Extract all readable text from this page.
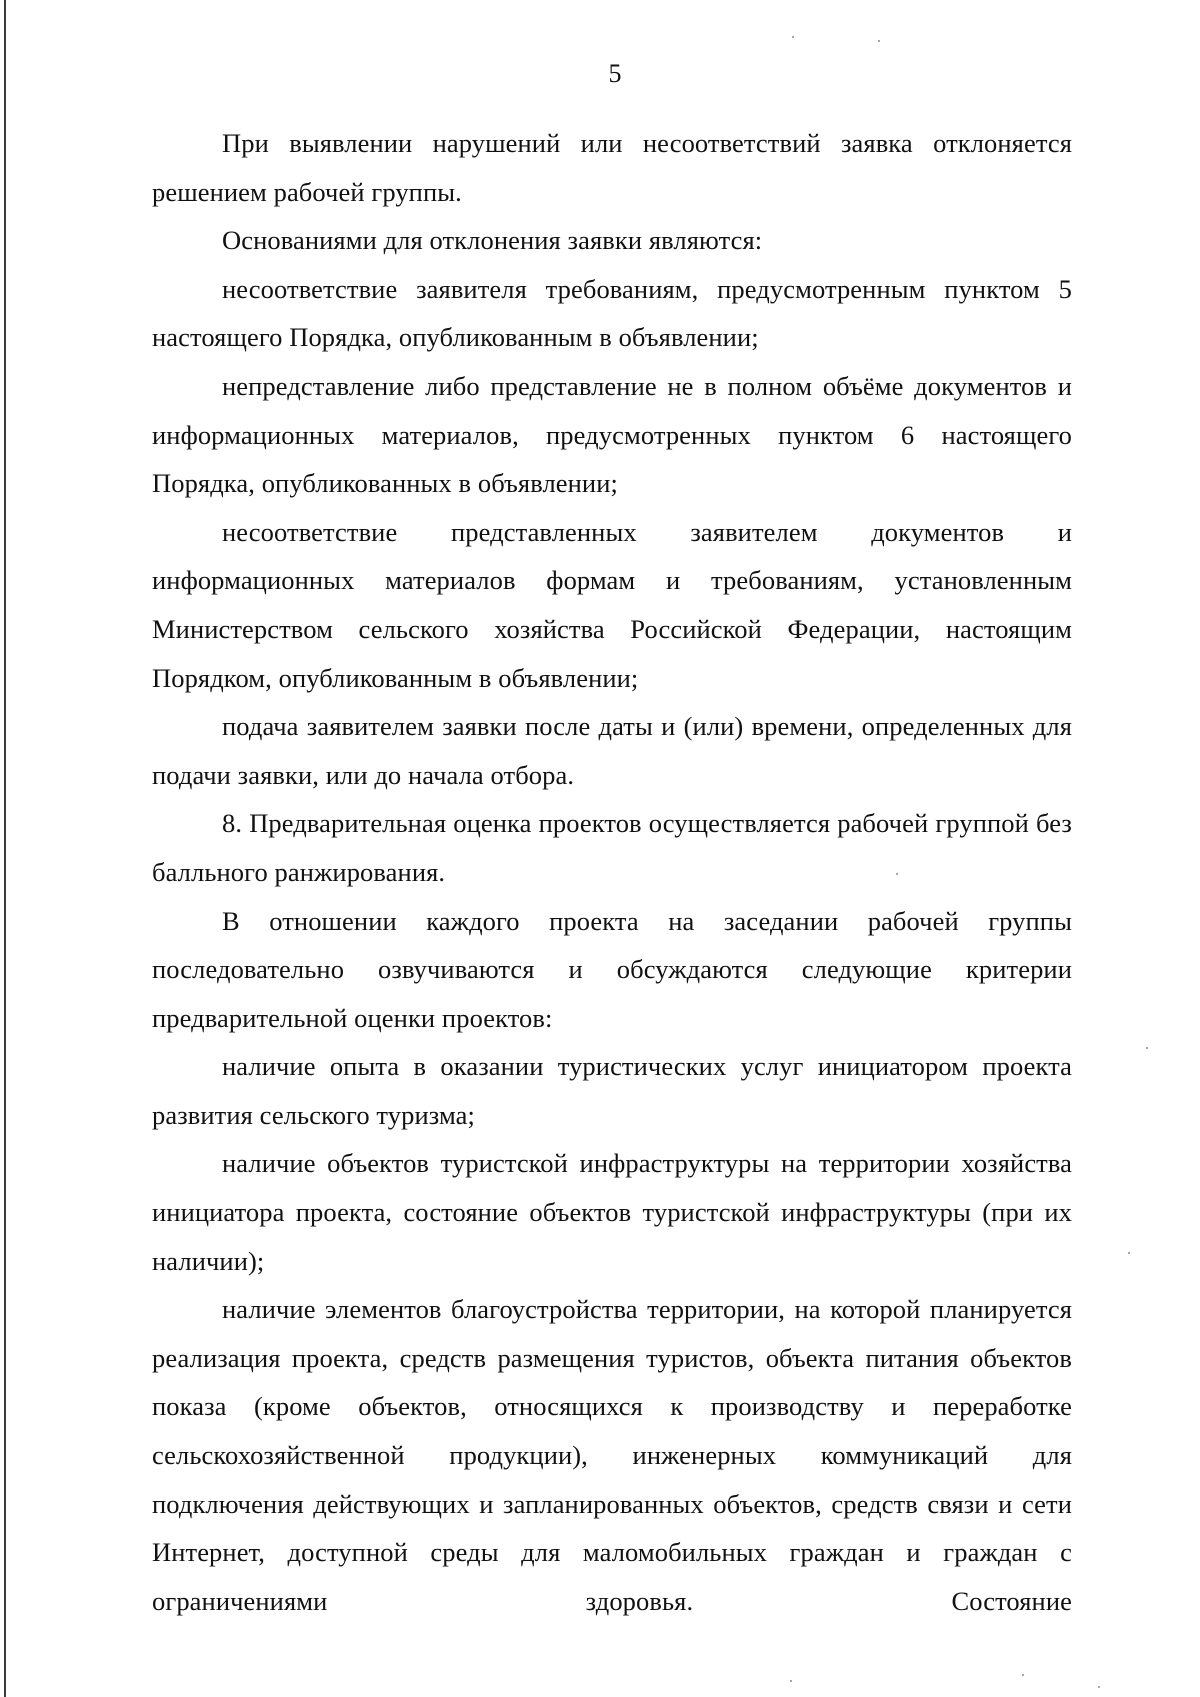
5

При выявлении нарушений или несоответствий заявка отклоняется решением рабочей группы.

Основаниями для отклонения заявки являются:

несоответствие заявителя требованиям, предусмотренным пунктом 5 настоящего Порядка, опубликованным в объявлении;

непредставление либо представление не в полном объёме документов и информационных материалов, предусмотренных пунктом 6 настоящего Порядка, опубликованных в объявлении;

несоответствие представленных заявителем документов и информационных материалов формам и требованиям, установленным Министерством сельского хозяйства Российской Федерации, настоящим Порядком, опубликованным в объявлении;

подача заявителем заявки после даты и (или) времени, определенных для подачи заявки, или до начала отбора.

8. Предварительная оценка проектов осуществляется рабочей группой без балльного ранжирования.

В отношении каждого проекта на заседании рабочей группы последовательно озвучиваются и обсуждаются следующие критерии предварительной оценки проектов:

наличие опыта в оказании туристических услуг инициатором проекта развития сельского туризма;

наличие объектов туристской инфраструктуры на территории хозяйства инициатора проекта, состояние объектов туристской инфраструктуры (при их наличии);

наличие элементов благоустройства территории, на которой планируется реализация проекта, средств размещения туристов, объекта питания объектов показа (кроме объектов, относящихся к производству и переработке сельскохозяйственной продукции), инженерных коммуникаций для подключения действующих и запланированных объектов, средств связи и сети Интернет, доступной среды для маломобильных граждан и граждан с ограничениями здоровья. Состояние
